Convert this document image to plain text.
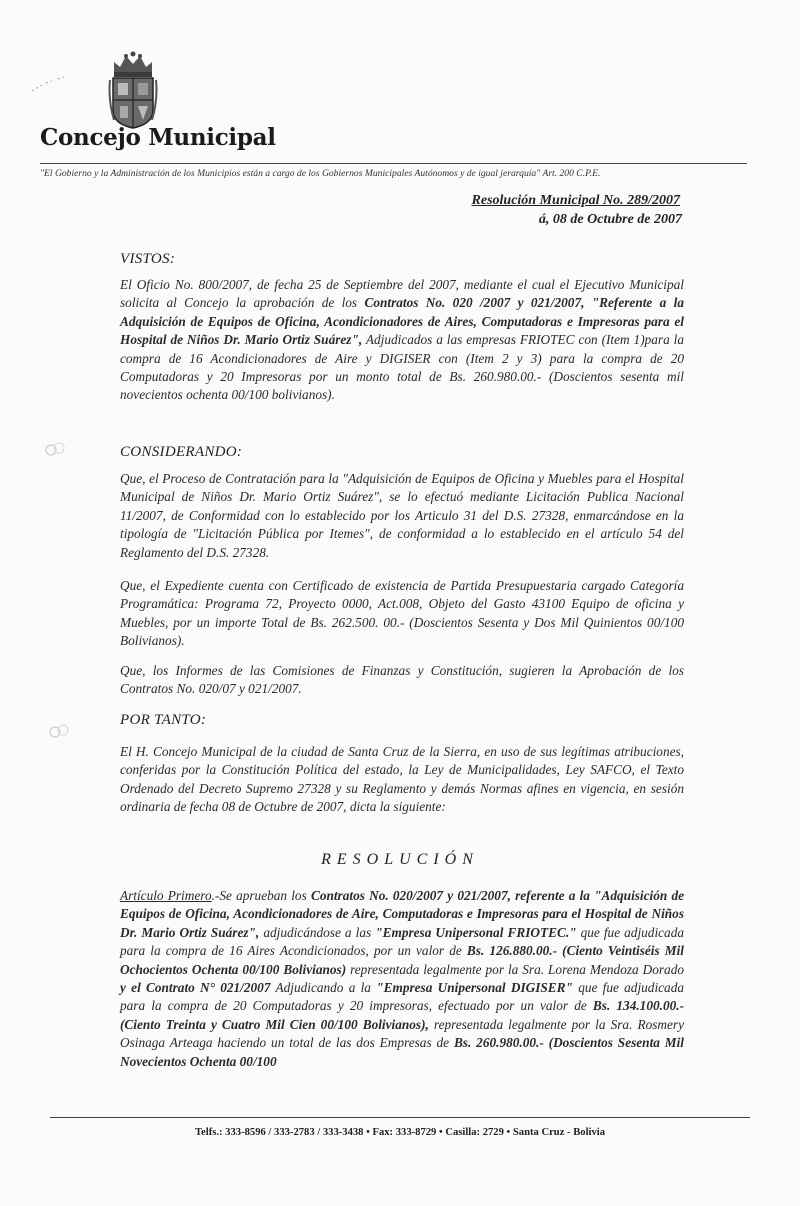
Concejo Municipal
"El Gobierno y la Administración de los Municipios están a cargo de los Gobiernos Municipales Autónomos y de igual jerarquía" Art. 200 C.P.E.
Resolución Municipal No. 289/2007
á, 08 de Octubre de 2007
VISTOS:

El Oficio No. 800/2007, de fecha 25 de Septiembre del 2007, mediante el cual el Ejecutivo Municipal solicita al Concejo la aprobación de los Contratos No. 020 /2007 y 021/2007, "Referente a la Adquisición de Equipos de Oficina, Acondicionadores de Aires, Computadoras e Impresoras para el Hospital de Niños Dr. Mario Ortiz Suárez", Adjudicados a las empresas FRIOTEC con (Item 1)para la compra de 16 Acondicionadores de Aire y DIGISER con (Item 2 y 3) para la compra de 20 Computadoras y 20 Impresoras por un monto total de Bs. 260.980.00.- (Doscientos sesenta mil novecientos ochenta 00/100 bolivianos).

CONSIDERANDO:

Que, el Proceso de Contratación para la "Adquisición de Equipos de Oficina y Muebles para el Hospital Municipal de Niños Dr. Mario Ortiz Suárez", se lo efectuó mediante Licitación Publica Nacional 11/2007, de Conformidad con lo establecido por los Articulo 31 del D.S. 27328, enmarcándose en la tipología de "Licitación Pública por Itemes", de conformidad a lo establecido en el artículo 54 del Reglamento del D.S. 27328.

Que, el Expediente cuenta con Certificado de existencia de Partida Presupuestaria cargado Categoría Programática: Programa 72, Proyecto 0000, Act.008, Objeto del Gasto 43100 Equipo de oficina y Muebles, por un importe Total de Bs. 262.500. 00.- (Doscientos Sesenta y Dos Mil Quinientos 00/100 Bolivianos).

Que, los Informes de las Comisiones de Finanzas y Constitución, sugieren la Aprobación de los Contratos No. 020/07 y 021/2007.

POR TANTO:

El H. Concejo Municipal de la ciudad de Santa Cruz de la Sierra, en uso de sus legítimas atribuciones, conferidas por la Constitución Política del estado, la Ley de Municipalidades, Ley SAFCO, el Texto Ordenado del Decreto Supremo 27328 y su Reglamento y demás Normas afines en vigencia, en sesión ordinaria de fecha 08 de Octubre de 2007, dicta la siguiente:

RESOLUCIÓN

Artículo Primero.-Se aprueban los Contratos No. 020/2007 y 021/2007, referente a la "Adquisición de Equipos de Oficina, Acondicionadores de Aire, Computadoras e Impresoras para el Hospital de Niños Dr. Mario Ortiz Suárez", adjudicándose a las "Empresa Unipersonal FRIOTEC." que fue adjudicada para la compra de 16 Aires Acondicionados, por un valor de Bs. 126.880.00.- (Ciento Veintiséis Mil Ochocientos Ochenta 00/100 Bolivianos) representada legalmente por la Sra. Lorena Mendoza Dorado y el Contrato N° 021/2007 Adjudicando a la "Empresa Unipersonal DIGISER" que fue adjudicada para la compra de 20 Computadoras y 20 impresoras, efectuado por un valor de Bs. 134.100.00.- (Ciento Treinta y Cuatro Mil Cien 00/100 Bolivianos), representada legalmente por la Sra. Rosmery Osinaga Arteaga haciendo un total de las dos Empresas de Bs. 260.980.00.- (Doscientos Sesenta Mil Novecientos Ochenta 00/100

Telfs.: 333-8596 / 333-2783 / 333-3438 • Fax: 333-8729 • Casilla: 2729 • Santa Cruz - Bolivia
